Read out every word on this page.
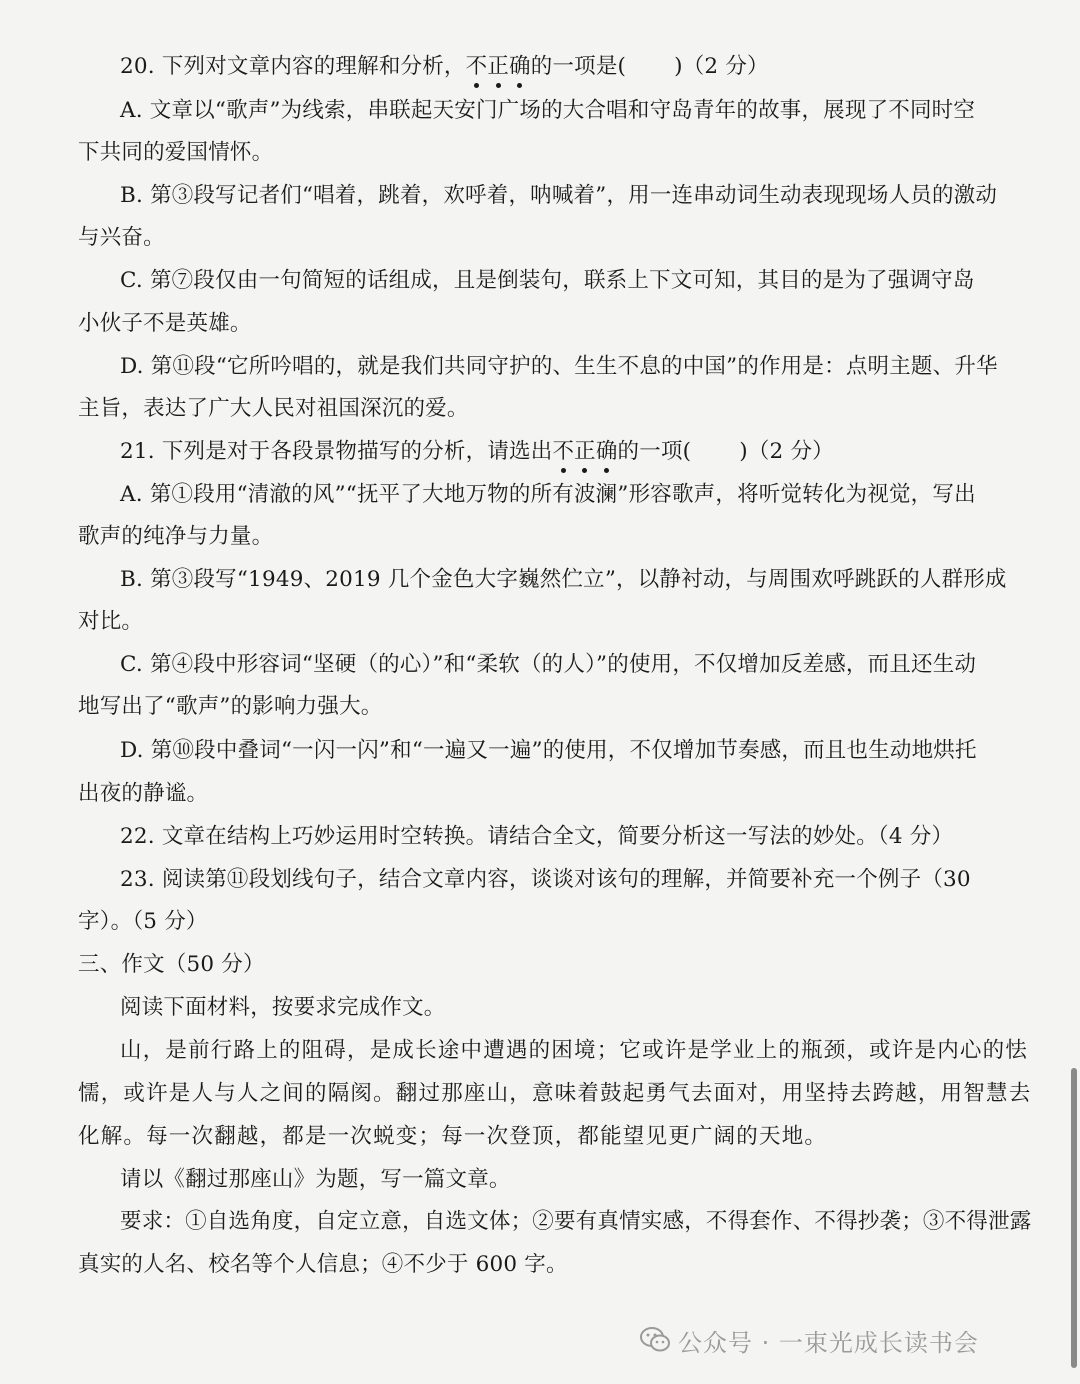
20. 下列对文章内容的理解和分析，不正确的一项是( )（2 分）
A. 文章以“歌声”为线索，串联起天安门广场的大合唱和守岛青年的故事，展现了不同时空
下共同的爱国情怀。
B. 第③段写记者们“唱着，跳着，欢呼着，呐喊着”，用一连串动词生动表现现场人员的激动
与兴奋。
C. 第⑦段仅由一句简短的话组成，且是倒装句，联系上下文可知，其目的是为了强调守岛
小伙子不是英雄。
D. 第⑪段“它所吟唱的，就是我们共同守护的、生生不息的中国”的作用是：点明主题、升华
主旨，表达了广大人民对祖国深沉的爱。
21. 下列是对于各段景物描写的分析，请选出不正确的一项( )（2 分）
A. 第①段用“清澈的风”“抚平了大地万物的所有波澜”形容歌声，将听觉转化为视觉，写出
歌声的纯净与力量。
B. 第③段写“1949、2019 几个金色大字巍然伫立”，以静衬动，与周围欢呼跳跃的人群形成
对比。
C. 第④段中形容词“坚硬（的心）”和“柔软（的人）”的使用，不仅增加反差感，而且还生动
地写出了“歌声”的影响力强大。
D. 第⑩段中叠词“一闪一闪”和“一遍又一遍”的使用，不仅增加节奏感，而且也生动地烘托
出夜的静谧。
22. 文章在结构上巧妙运用时空转换。请结合全文，简要分析这一写法的妙处。（4 分）
23. 阅读第⑪段划线句子，结合文章内容，谈谈对该句的理解，并简要补充一个例子（30
字）。（5 分）
三、作文（50 分）
阅读下面材料，按要求完成作文。
山，是前行路上的阻碍，是成长途中遭遇的困境；它或许是学业上的瓶颈，或许是内心的怯
懦，或许是人与人之间的隔阂。翻过那座山，意味着鼓起勇气去面对，用坚持去跨越，用智慧去
化解。每一次翻越，都是一次蜕变；每一次登顶，都能望见更广阔的天地。
请以《翻过那座山》为题，写一篇文章。
要求：①自选角度，自定立意，自选文体；②要有真情实感，不得套作、不得抄袭；③不得泄露
真实的人名、校名等个人信息；④不少于 600 字。
公众号 · 一束光成长读书会
